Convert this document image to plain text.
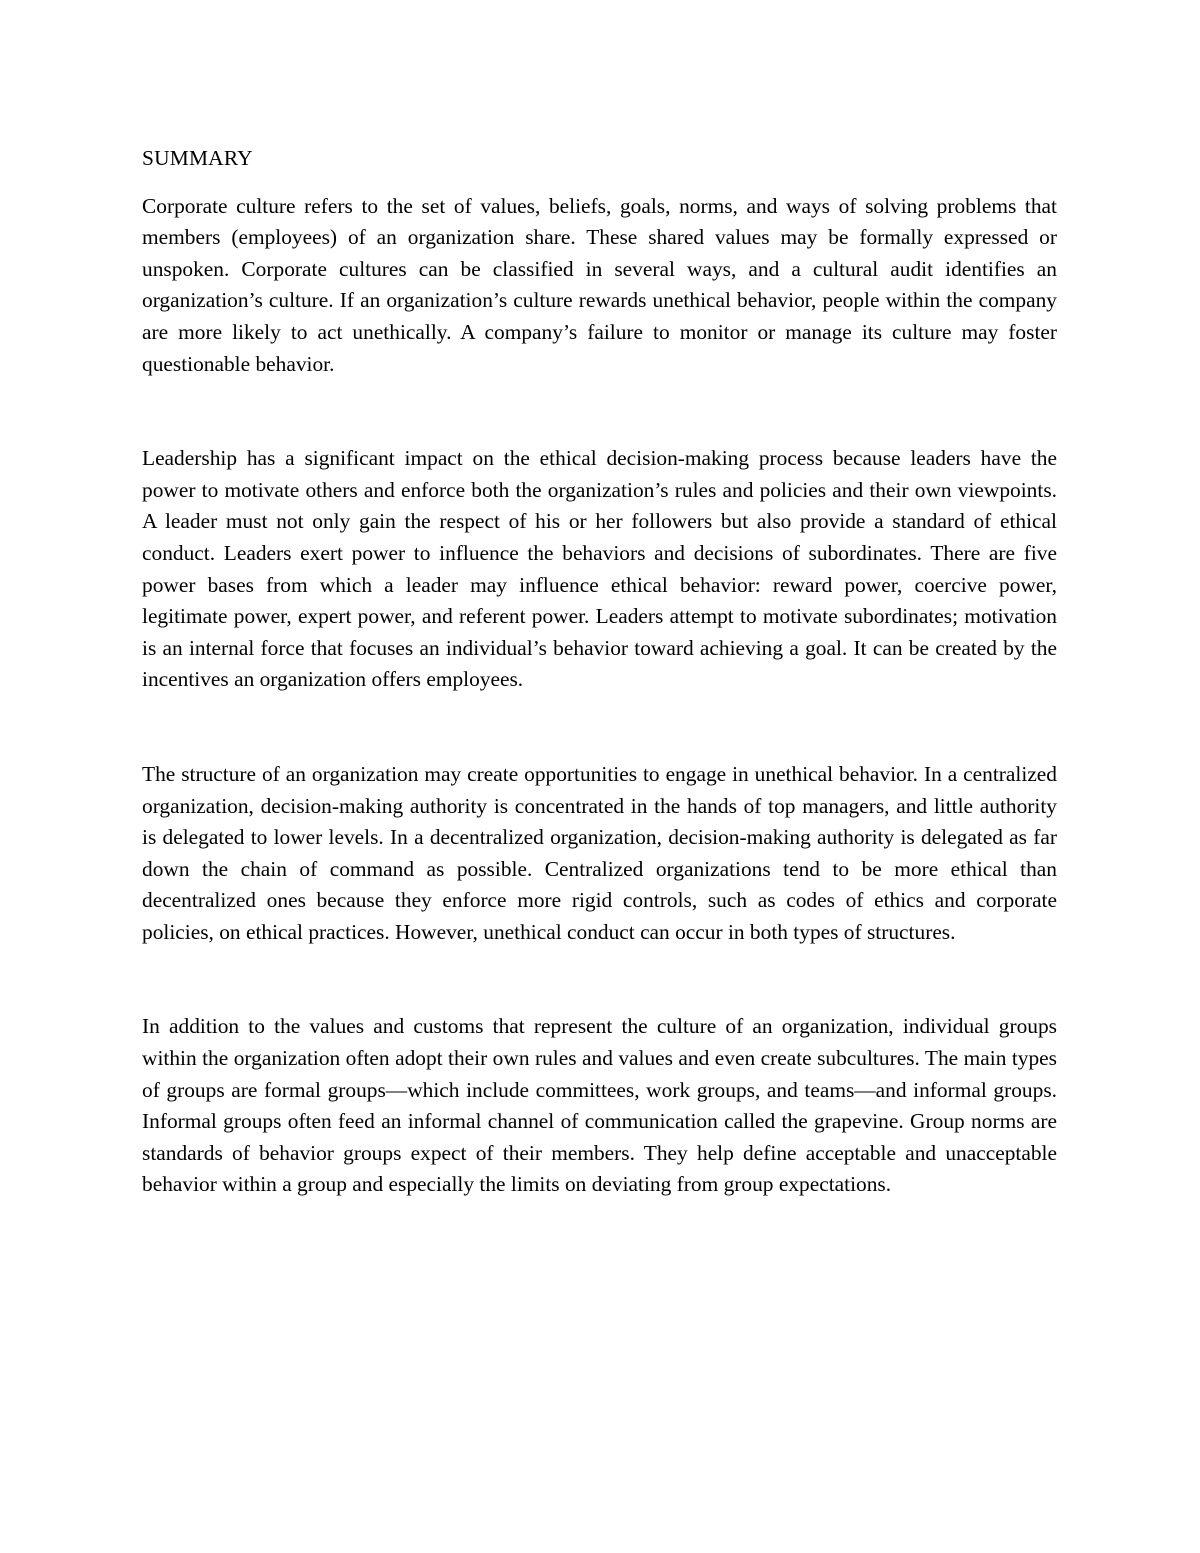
SUMMARY

Corporate culture refers to the set of values, beliefs, goals, norms, and ways of solving problems that members (employees) of an organization share. These shared values may be formally expressed or unspoken. Corporate cultures can be classified in several ways, and a cultural audit identifies an organization’s culture. If an organization’s culture rewards unethical behavior, people within the company are more likely to act unethically. A company’s failure to monitor or manage its culture may foster questionable behavior.

Leadership has a significant impact on the ethical decision-making process because leaders have the power to motivate others and enforce both the organization’s rules and policies and their own viewpoints. A leader must not only gain the respect of his or her followers but also provide a standard of ethical conduct. Leaders exert power to influence the behaviors and decisions of subordinates. There are five power bases from which a leader may influence ethical behavior: reward power, coercive power, legitimate power, expert power, and referent power. Leaders attempt to motivate subordinates; motivation is an internal force that focuses an individual’s behavior toward achieving a goal. It can be created by the incentives an organization offers employees.

The structure of an organization may create opportunities to engage in unethical behavior. In a centralized organization, decision-making authority is concentrated in the hands of top managers, and little authority is delegated to lower levels. In a decentralized organization, decision-making authority is delegated as far down the chain of command as possible. Centralized organizations tend to be more ethical than decentralized ones because they enforce more rigid controls, such as codes of ethics and corporate policies, on ethical practices. However, unethical conduct can occur in both types of structures.

In addition to the values and customs that represent the culture of an organization, individual groups within the organization often adopt their own rules and values and even create subcultures. The main types of groups are formal groups—which include committees, work groups, and teams—and informal groups. Informal groups often feed an informal channel of communication called the grapevine. Group norms are standards of behavior groups expect of their members. They help define acceptable and unacceptable behavior within a group and especially the limits on deviating from group expectations.
